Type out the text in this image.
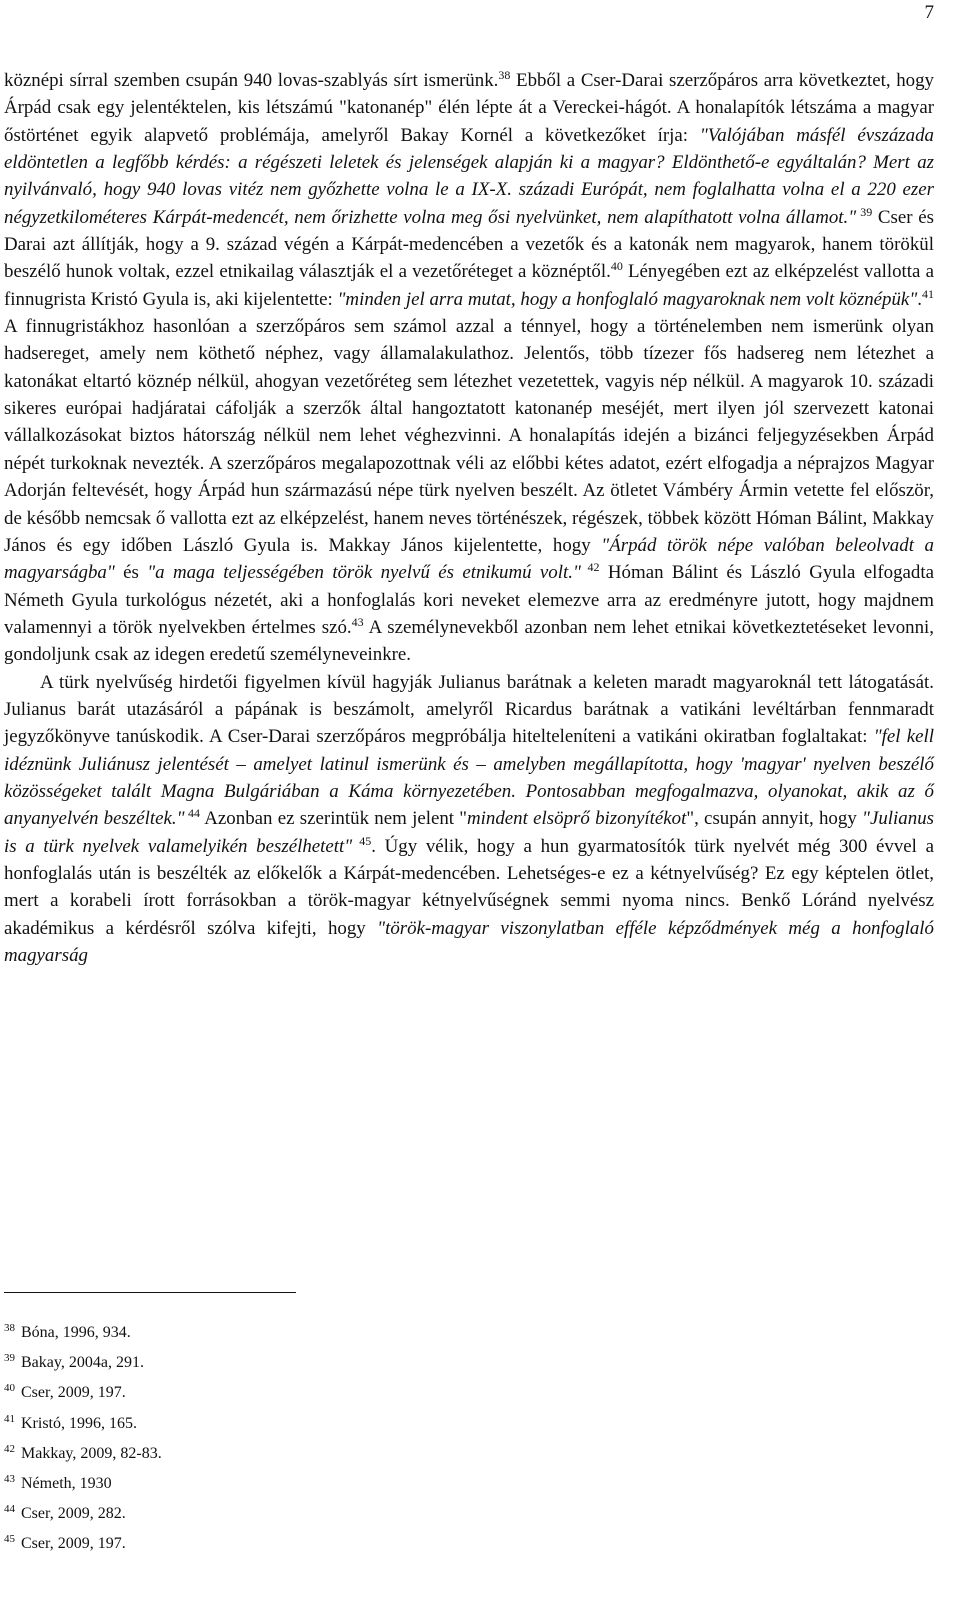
7

köznépi sírral szemben csupán 940 lovas-szablyás sírt ismerünk.$^{38}$ Ebből a Cser-Darai szerzőpáros arra következtet, hogy Árpád csak egy jelentéktelen, kis létszámú "katonanép" élén lépte át a Vereckei-hágót. A honalapítók létszáma a magyar őstörténet egyik alapvető problémája, amelyről Bakay Kornél a következőket írja: "Valójában másfél évszázada eldöntetlen a legfőbb kérdés: a régészeti leletek és jelenségek alapján ki a magyar? Eldönthető-e egyáltalán? Mert az nyilvánvaló, hogy 940 lovas vitéz nem győzhette volna le a IX-X. századi Európát, nem foglalhatta volna el a 220 ezer négyzetkilométeres Kárpát-medencét, nem őrizhette volna meg ősi nyelvünket, nem alapíthatott volna államot." $^{39}$ Cser és Darai azt állítják, hogy a 9. század végén a Kárpát-medencében a vezetők és a katonák nem magyarok, hanem törökül beszélő hunok voltak, ezzel etnikailag választják el a vezetőréteget a köznéptől.$^{40}$ Lényegében ezt az elképzelést vallotta a finnugrista Kristó Gyula is, aki kijelentette: "minden jel arra mutat, hogy a honfoglaló magyaroknak nem volt köznépük".$^{41}$ A finnugristákhoz hasonlóan a szerzőpáros sem számol azzal a ténnyel, hogy a történelemben nem ismerünk olyan hadsereget, amely nem köthető néphez, vagy államalakulathoz. Jelentős, több tízezer fős hadsereg nem létezhet a katonákat eltartó köznép nélkül, ahogyan vezetőréteg sem létezhet vezetettek, vagyis nép nélkül. A magyarok 10. századi sikeres európai hadjáratai cáfolják a szerzők által hangoztatott katonanép meséjét, mert ilyen jól szervezett katonai vállalkozásokat biztos hátország nélkül nem lehet véghezvinni. A honalapítás idején a bizánci feljegyzésekben Árpád népét turkoknak nevezték. A szerzőpáros megalapozottnak véli az előbbi kétes adatot, ezért elfogadja a néprajzos Magyar Adorján feltevését, hogy Árpád hun származású népe türk nyelven beszélt. Az ötletet Vámbéry Ármin vetette fel először, de később nemcsak ő vallotta ezt az elképzelést, hanem neves történészek, régészek, többek között Hóman Bálint, Makkay János és egy időben László Gyula is. Makkay János kijelentette, hogy "Árpád török népe valóban beleolvadt a magyarságba" és "a maga teljességében török nyelvű és etnikumú volt." $^{42}$ Hóman Bálint és László Gyula elfogadta Németh Gyula turkológus nézetét, aki a honfoglalás kori neveket elemezve arra az eredményre jutott, hogy majdnem valamennyi a török nyelvekben értelmes szó.$^{43}$ A személynevekből azonban nem lehet etnikai következtetéseket levonni, gondoljunk csak az idegen eredetű személyneveinkre.

A türk nyelvűség hirdetői figyelmen kívül hagyják Julianus barátnak a keleten maradt magyaroknál tett látogatását. Julianus barát utazásáról a pápának is beszámolt, amelyről Ricardus barátnak a vatikáni levéltárban fennmaradt jegyzőkönyve tanúskodik. A Cser-Darai szerzőpáros megpróbálja hiteltelenίteni a vatikáni okiratban foglaltakat: "fel kell idéznünk Juliánusz jelentését – amelyet latinul ismerünk és – amelyben megállapította, hogy 'magyar' nyelven beszélő közösségeket talált Magna Bulgáriában a Káma környezetében. Pontosabban megfogalmazva, olyanokat, akik az ő anyanyelvén beszéltek." $^{44}$ Azonban ez szerintük nem jelent "mindent elsöprő bizonyítékot", csupán annyit, hogy "Julianus is a türk nyelvek valamelyikén beszélhetett" $^{45}$. Úgy vélik, hogy a hun gyarmatosítók türk nyelvét még 300 évvel a honfoglalás után is beszélték az előkelők a Kárpát-medencében. Lehetséges-e ez a kétnyelvűség? Ez egy képtelen ötlet, mert a korabeli írott forrásokban a török-magyar kétnyelvűségnek semmi nyoma nincs. Benkő Lóránd nyelvész akadémikus a kérdésről szólva kifejti, hogy "török-magyar viszonylatban efféle képződmények még a honfoglaló magyarság

$^{38}$ Bóna, 1996, 934.
$^{39}$ Bakay, 2004a, 291.
$^{40}$ Cser, 2009, 197.
$^{41}$ Kristó, 1996, 165.
$^{42}$ Makkay, 2009, 82-83.
$^{43}$ Németh, 1930
$^{44}$ Cser, 2009, 282.
$^{45}$ Cser, 2009, 197.
